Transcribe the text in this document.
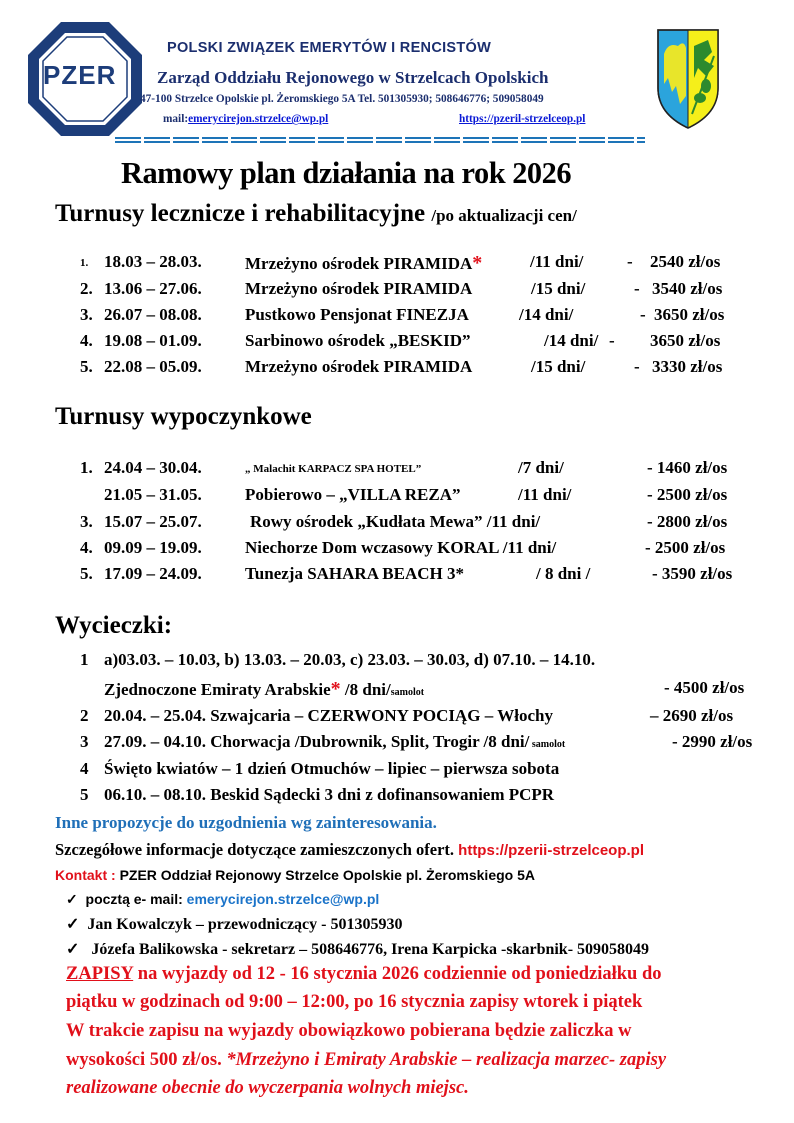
PZER
POLSKI ZWIĄZEK EMERYTÓW I RENCISTÓW
Zarząd Oddziału Rejonowego w Strzelcach Opolskich
47-100 Strzelce Opolskie pl. Żeromskiego 5A Tel. 501305930; 508646776; 509058049
mail:emerycirejon.strzelce@wp.pl	https://pzeril-strzelceop.pl
Ramowy plan działania na rok 2026
Turnusy lecznicze i rehabilitacyjne /po aktualizacji cen/
1. 18.03 – 28.03.	Mrzeżyno ośrodek PIRAMIDA*	/11 dni/	- 2540 zł/os
2. 13.06 – 27.06.	Mrzeżyno ośrodek PIRAMIDA	/15 dni/	- 3540 zł/os
3. 26.07 – 08.08.	Pustkowo Pensjonat FINEZJA	/14 dni/	- 3650 zł/os
4. 19.08 – 01.09.	Sarbinowo ośrodek „BESKID”	/14 dni/ - 3650 zł/os
5. 22.08 – 05.09.	Mrzeżyno ośrodek PIRAMIDA	/15 dni/	- 3330 zł/os
Turnusy wypoczynkowe
1. 24.04 – 30.04.	„ Malachit KARPACZ SPA HOTEL”	/7 dni/	- 1460 zł/os
21.05 – 31.05.	Pobierowo – „VILLA REZA”	/11 dni/	- 2500 zł/os
3. 15.07 – 25.07.	Rowy ośrodek „Kudłata Mewa” /11 dni/	- 2800 zł/os
4. 09.09 – 19.09.	Niechorze Dom wczasowy KORAL /11 dni/	- 2500 zł/os
5. 17.09 – 24.09.	Tunezja SAHARA BEACH 3*	/ 8 dni /	- 3590 zł/os
Wycieczki:
1 a)03.03. – 10.03, b) 13.03. – 20.03, c) 23.03. – 30.03, d) 07.10. – 14.10.
Zjednoczone Emiraty Arabskie* /8 dni/samolot	- 4500 zł/os
2 20.04. – 25.04. Szwajcaria – CZERWONY POCIĄG – Włochy	– 2690 zł/os
3 27.09. – 04.10. Chorwacja /Dubrownik, Split, Trogir /8 dni/ samolot	- 2990 zł/os
4 Święto kwiatów – 1 dzień Otmuchów – lipiec – pierwsza sobota
5 06.10. – 08.10. Beskid Sądecki 3 dni z dofinansowaniem PCPR
Inne propozycje do uzgodnienia wg zainteresowania.
Szczegółowe informacje dotyczące zamieszczonych ofert. https://pzerii-strzelceop.pl
Kontakt : PZER Oddział Rejonowy Strzelce Opolskie pl. Żeromskiego 5A
✓ pocztą e- mail: emerycirejon.strzelce@wp.pl
✓ Jan Kowalczyk – przewodniczący - 501305930
✓   Józefa Balikowska - sekretarz – 508646776, Irena Karpicka -skarbnik- 509058049
ZAPISY na wyjazdy od 12 - 16 stycznia 2026 codziennie od poniedziałku do
piątku w godzinach od 9:00 – 12:00, po 16 stycznia zapisy wtorek i piątek
W trakcie zapisu na wyjazdy obowiązkowo pobierana będzie zaliczka w
wysokości 500 zł/os. *Mrzeżyno i Emiraty Arabskie – realizacja marzec- zapisy
realizowane obecnie do wyczerpania wolnych miejsc.
